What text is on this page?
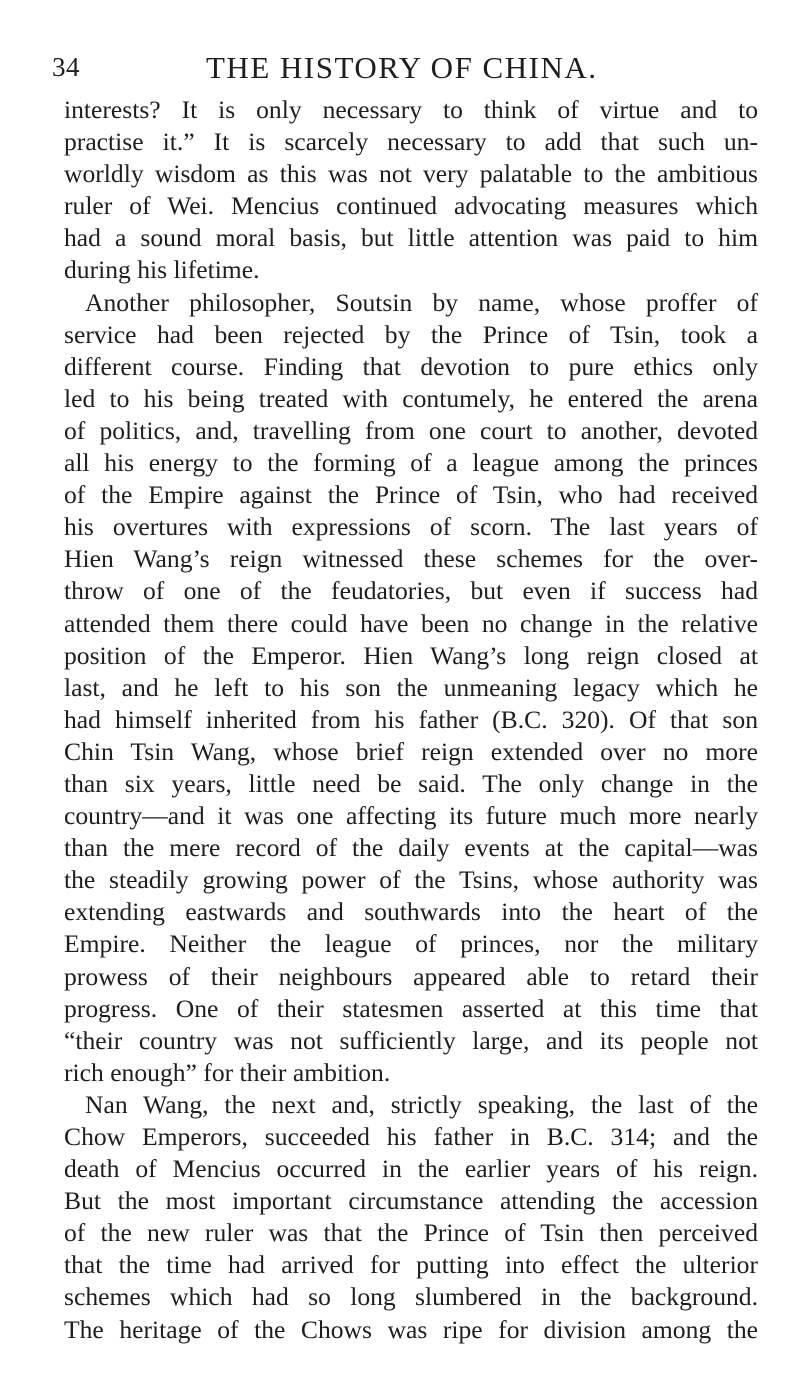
34	THE HISTORY OF CHINA.
interests? It is only necessary to think of virtue and to
practise it.” It is scarcely necessary to add that such un-
worldly wisdom as this was not very palatable to the ambitious
ruler of Wei. Mencius continued advocating measures which
had a sound moral basis, but little attention was paid to him
during his lifetime.
Another philosopher, Soutsin by name, whose proffer of
service had been rejected by the Prince of Tsin, took a
different course. Finding that devotion to pure ethics only
led to his being treated with contumely, he entered the arena
of politics, and, travelling from one court to another, devoted
all his energy to the forming of a league among the princes
of the Empire against the Prince of Tsin, who had received
his overtures with expressions of scorn. The last years of
Hien Wang’s reign witnessed these schemes for the over-
throw of one of the feudatories, but even if success had
attended them there could have been no change in the relative
position of the Emperor. Hien Wang’s long reign closed at
last, and he left to his son the unmeaning legacy which he
had himself inherited from his father (B.C. 320). Of that son
Chin Tsin Wang, whose brief reign extended over no more
than six years, little need be said. The only change in the
country—and it was one affecting its future much more nearly
than the mere record of the daily events at the capital—was
the steadily growing power of the Tsins, whose authority was
extending eastwards and southwards into the heart of the
Empire. Neither the league of princes, nor the military
prowess of their neighbours appeared able to retard their
progress. One of their statesmen asserted at this time that
“their country was not sufficiently large, and its people not
rich enough” for their ambition.
Nan Wang, the next and, strictly speaking, the last of the
Chow Emperors, succeeded his father in B.C. 314; and the
death of Mencius occurred in the earlier years of his reign.
But the most important circumstance attending the accession
of the new ruler was that the Prince of Tsin then perceived
that the time had arrived for putting into effect the ulterior
schemes which had so long slumbered in the background.
The heritage of the Chows was ripe for division among the
